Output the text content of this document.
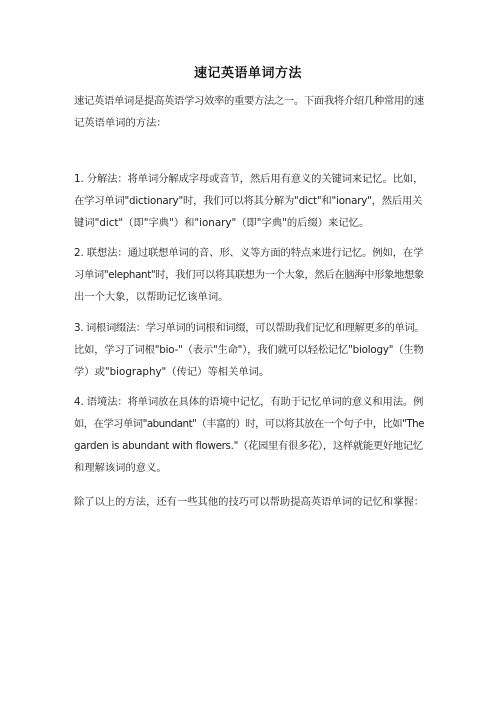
速记英语单词方法
速记英语单词是提高英语学习效率的重要方法之一。下面我将介绍几种常用的速
记英语单词的方法：
1. 分解法：将单词分解成字母或音节，然后用有意义的关键词来记忆。比如，
在学习单词"dictionary"时，我们可以将其分解为"dict"和"ionary"，然后用关
键词"dict"（即"字典"）和"ionary"（即"字典"的后缀）来记忆。
2. 联想法：通过联想单词的音、形、义等方面的特点来进行记忆。例如，在学
习单词"elephant"时，我们可以将其联想为一个大象，然后在脑海中形象地想象
出一个大象，以帮助记忆该单词。
3. 词根词缀法：学习单词的词根和词缀，可以帮助我们记忆和理解更多的单词。
比如，学习了词根"bio-"（表示"生命"），我们就可以轻松记忆"biology"（生物
学）或"biography"（传记）等相关单词。
4. 语境法：将单词放在具体的语境中记忆，有助于记忆单词的意义和用法。例
如，在学习单词"abundant"（丰富的）时，可以将其放在一个句子中，比如"The
garden is abundant with flowers."（花园里有很多花），这样就能更好地记忆
和理解该词的意义。
除了以上的方法，还有一些其他的技巧可以帮助提高英语单词的记忆和掌握：
